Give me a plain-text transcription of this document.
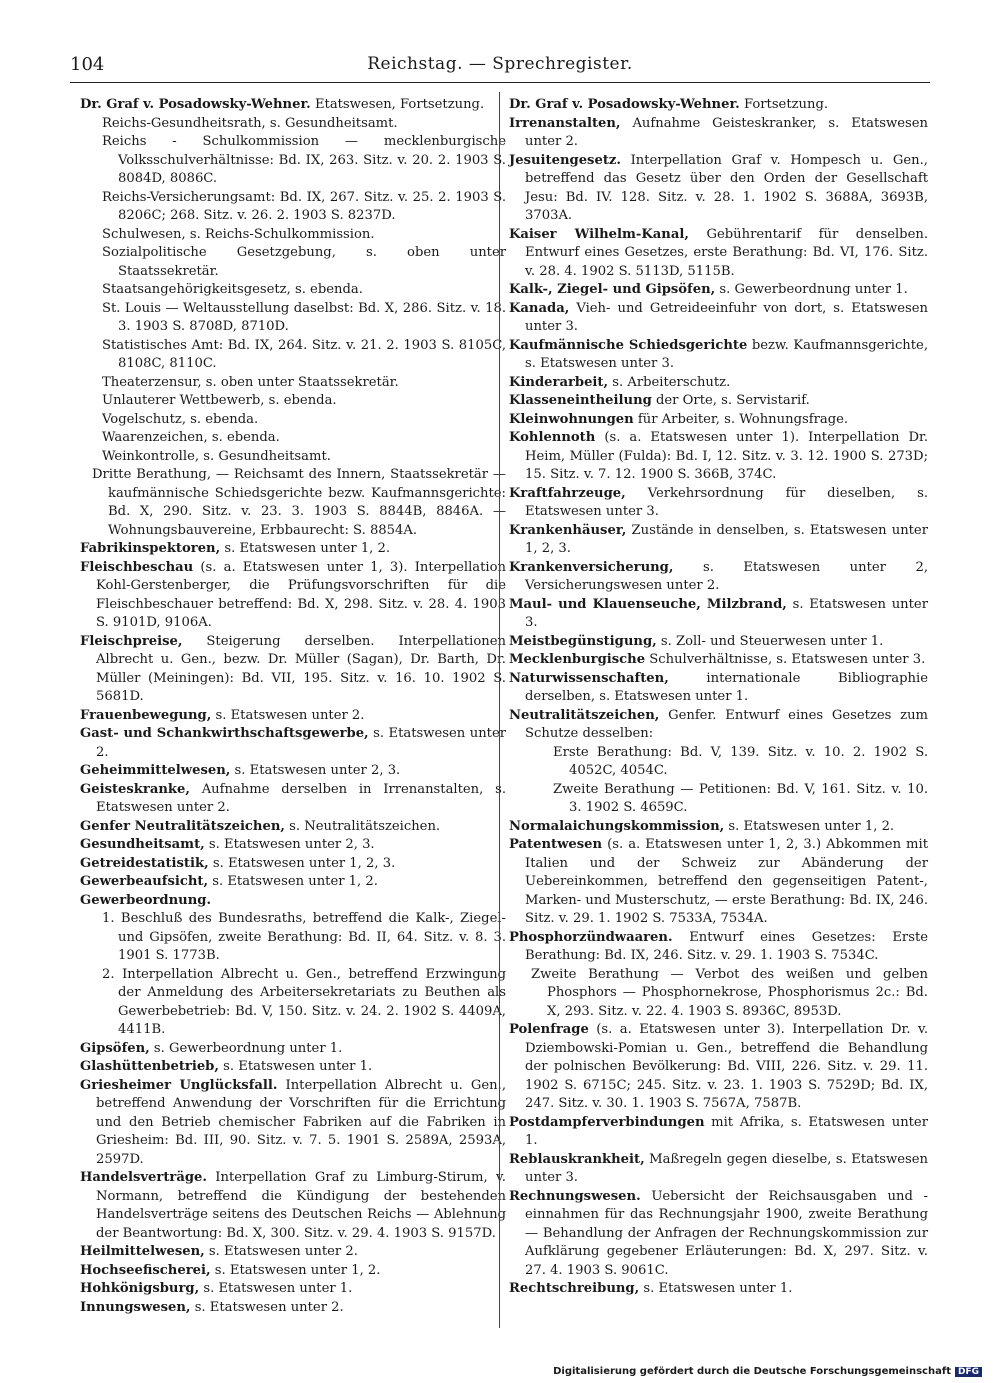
104	Reichstag. — Sprechregister.
Dr. Graf v. Posadowsky-Wehner. Etatswesen, Fortsetzung.
Reichs-Gesundheitsrath, s. Gesundheitsamt.
Reichs - Schulkommission — mecklenburgische Volksschulverhältnisse: Bd. IX, 263. Sitz. v. 20. 2. 1903 S. 8084D, 8086C.
Reichs-Versicherungsamt: Bd. IX, 267. Sitz. v. 25. 2. 1903 S. 8206C; 268. Sitz. v. 26. 2. 1903 S. 8237D.
Schulwesen, s. Reichs-Schulkommission.
Sozialpolitische Gesetzgebung, s. oben unter Staatssekretär.
Staatsangehörigkeitsgesetz, s. ebenda.
St. Louis — Weltausstellung daselbst: Bd. X, 286. Sitz. v. 18. 3. 1903 S. 8708D, 8710D.
Statistisches Amt: Bd. IX, 264. Sitz. v. 21. 2. 1903 S. 8105C, 8108C, 8110C.
Theaterzensur, s. oben unter Staatssekretär.
Unlauterer Wettbewerb, s. ebenda.
Vogelschutz, s. ebenda.
Waarenzeichen, s. ebenda.
Weinkontrolle, s. Gesundheitsamt.
Dritte Berathung, — Reichsamt des Innern, Staatssekretär — kaufmännische Schiedsgerichte bezw. Kaufmannsgerichte: Bd. X, 290. Sitz. v. 23. 3. 1903 S. 8844B, 8846A. — Wohnungsbauvereine, Erbbaurecht: S. 8854A.
Fabrikinspektoren, s. Etatswesen unter 1, 2.
Fleischbeschau (s. a. Etatswesen unter 1, 3). Interpellation Kohl-Gerstenberger, die Prüfungsvorschriften für die Fleischbeschauer betreffend: Bd. X, 298. Sitz. v. 28. 4. 1903 S. 9101D, 9106A.
Fleischpreise, Steigerung derselben. Interpellationen Albrecht u. Gen., bezw. Dr. Müller (Sagan), Dr. Barth, Dr. Müller (Meiningen): Bd. VII, 195. Sitz. v. 16. 10. 1902 S. 5681D.
Frauenbewegung, s. Etatswesen unter 2.
Gast- und Schankwirthschaftsgewerbe, s. Etatswesen unter 2.
Geheimmittelwesen, s. Etatswesen unter 2, 3.
Geisteskranke, Aufnahme derselben in Irrenanstalten, s. Etatswesen unter 2.
Genfer Neutralitätszeichen, s. Neutralitätszeichen.
Gesundheitsamt, s. Etatswesen unter 2, 3.
Getreidestatistik, s. Etatswesen unter 1, 2, 3.
Gewerbeaufsicht, s. Etatswesen unter 1, 2.
Gewerbeordnung.
1. Beschluß des Bundesraths, betreffend die Kalk-, Ziegel- und Gipsöfen, zweite Berathung: Bd. II, 64. Sitz. v. 8. 3. 1901 S. 1773B.
2. Interpellation Albrecht u. Gen., betreffend Erzwingung der Anmeldung des Arbeitersekretariats zu Beuthen als Gewerbebetrieb: Bd. V, 150. Sitz. v. 24. 2. 1902 S. 4409A, 4411B.
Gipsöfen, s. Gewerbeordnung unter 1.
Glashüttenbetrieb, s. Etatswesen unter 1.
Griesheimer Unglücksfall. Interpellation Albrecht u. Gen., betreffend Anwendung der Vorschriften für die Errichtung und den Betrieb chemischer Fabriken auf die Fabriken in Griesheim: Bd. III, 90. Sitz. v. 7. 5. 1901 S. 2589A, 2593A, 2597D.
Handelsverträge. Interpellation Graf zu Limburg-Stirum, v. Normann, betreffend die Kündigung der bestehenden Handelsverträge seitens des Deutschen Reichs — Ablehnung der Beantwortung: Bd. X, 300. Sitz. v. 29. 4. 1903 S. 9157D.
Heilmittelwesen, s. Etatswesen unter 2.
Hochseefischerei, s. Etatswesen unter 1, 2.
Hohkönigsburg, s. Etatswesen unter 1.
Innungswesen, s. Etatswesen unter 2.
Dr. Graf v. Posadowsky-Wehner. Fortsetzung.
Irrenanstalten, Aufnahme Geisteskranker, s. Etatswesen unter 2.
Jesuitengesetz. Interpellation Graf v. Hompesch u. Gen., betreffend das Gesetz über den Orden der Gesellschaft Jesu: Bd. IV. 128. Sitz. v. 28. 1. 1902 S. 3688A, 3693B, 3703A.
Kaiser Wilhelm-Kanal, Gebührentarif für denselben. Entwurf eines Gesetzes, erste Berathung: Bd. VI, 176. Sitz. v. 28. 4. 1902 S. 5113D, 5115B.
Kalk-, Ziegel- und Gipsöfen, s. Gewerbeordnung unter 1.
Kanada, Vieh- und Getreideeinfuhr von dort, s. Etatswesen unter 3.
Kaufmännische Schiedsgerichte bezw. Kaufmannsgerichte, s. Etatswesen unter 3.
Kinderarbeit, s. Arbeiterschutz.
Klasseneintheilung der Orte, s. Servistarif.
Kleinwohnungen für Arbeiter, s. Wohnungsfrage.
Kohlennoth (s. a. Etatswesen unter 1). Interpellation Dr. Heim, Müller (Fulda): Bd. I, 12. Sitz. v. 3. 12. 1900 S. 273D; 15. Sitz. v. 7. 12. 1900 S. 366B, 374C.
Kraftfahrzeuge, Verkehrsordnung für dieselben, s. Etatswesen unter 3.
Krankenhäuser, Zustände in denselben, s. Etatswesen unter 1, 2, 3.
Krankenversicherung, s. Etatswesen unter 2, Versicherungswesen unter 2.
Maul- und Klauenseuche, Milzbrand, s. Etatswesen unter 3.
Meistbegünstigung, s. Zoll- und Steuerwesen unter 1.
Mecklenburgische Schulverhältnisse, s. Etatswesen unter 3.
Naturwissenschaften, internationale Bibliographie derselben, s. Etatswesen unter 1.
Neutralitätszeichen, Genfer. Entwurf eines Gesetzes zum Schutze desselben:
Erste Berathung: Bd. V, 139. Sitz. v. 10. 2. 1902 S. 4052C, 4054C.
Zweite Berathung — Petitionen: Bd. V, 161. Sitz. v. 10. 3. 1902 S. 4659C.
Normalaichungskommission, s. Etatswesen unter 1, 2.
Patentwesen (s. a. Etatswesen unter 1, 2, 3.) Abkommen mit Italien und der Schweiz zur Abänderung der Uebereinkommen, betreffend den gegenseitigen Patent-, Marken- und Musterschutz, — erste Berathung: Bd. IX, 246. Sitz. v. 29. 1. 1902 S. 7533A, 7534A.
Phosphorzündwaaren. Entwurf eines Gesetzes: Erste Berathung: Bd. IX, 246. Sitz. v. 29. 1. 1903 S. 7534C.
Zweite Berathung — Verbot des weißen und gelben Phosphors — Phosphornekrose, Phosphorismus 2c.: Bd. X, 293. Sitz. v. 22. 4. 1903 S. 8936C, 8953D.
Polenfrage (s. a. Etatswesen unter 3). Interpellation Dr. v. Dziembowski-Pomian u. Gen., betreffend die Behandlung der polnischen Bevölkerung: Bd. VIII, 226. Sitz. v. 29. 11. 1902 S. 6715C; 245. Sitz. v. 23. 1. 1903 S. 7529D; Bd. IX, 247. Sitz. v. 30. 1. 1903 S. 7567A, 7587B.
Postdampferverbindungen mit Afrika, s. Etatswesen unter 1.
Reblauskrankheit, Maßregeln gegen dieselbe, s. Etatswesen unter 3.
Rechnungswesen. Uebersicht der Reichsausgaben und -einnahmen für das Rechnungsjahr 1900, zweite Berathung — Behandlung der Anfragen der Rechnungskommission zur Aufklärung gegebener Erläuterungen: Bd. X, 297. Sitz. v. 27. 4. 1903 S. 9061C.
Rechtschreibung, s. Etatswesen unter 1.
Digitalisierung gefördert durch die Deutsche Forschungsgemeinschaft DFG
